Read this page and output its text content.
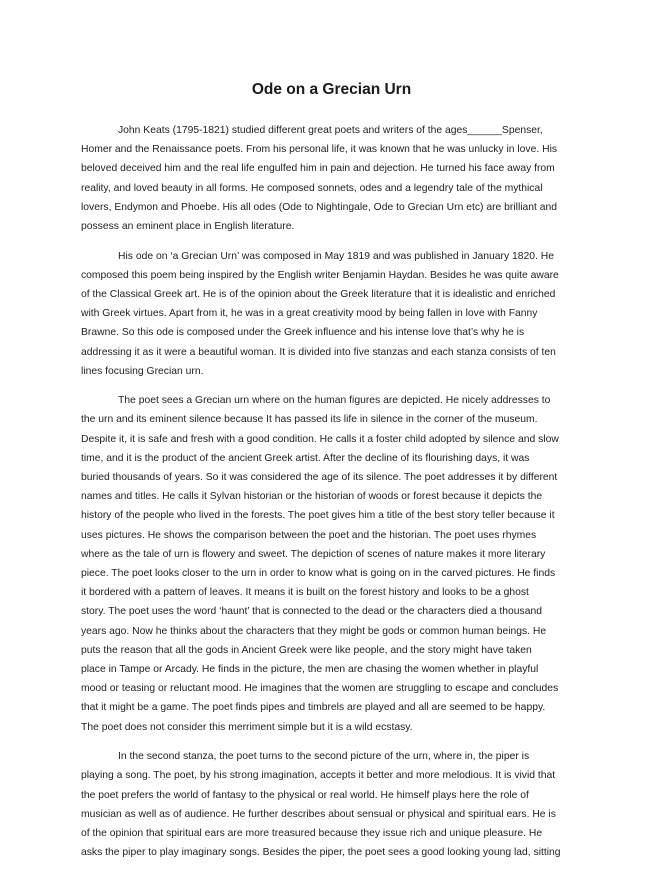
Ode on a Grecian Urn

John Keats (1795-1821) studied different great poets and writers of the ages______Spenser,
Homer and the Renaissance poets. From his personal life, it was known that he was unlucky in love. His
beloved deceived him and the real life engulfed him in pain and dejection. He turned his face away from
reality, and loved beauty in all forms. He composed sonnets, odes and a legendry tale of the mythical
lovers, Endymon and Phoebe. His all odes (Ode to Nightingale, Ode to Grecian Urn etc) are brilliant and
possess an eminent place in English literature.

His ode on ‘a Grecian Urn’ was composed in May 1819 and was published in January 1820. He
composed this poem being inspired by the English writer Benjamin Haydan. Besides he was quite aware
of the Classical Greek art. He is of the opinion about the Greek literature that it is idealistic and enriched
with Greek virtues. Apart from it, he was in a great creativity mood by being fallen in love with Fanny
Brawne. So this ode is composed under the Greek influence and his intense love that’s why he is
addressing it as it were a beautiful woman. It is divided into five stanzas and each stanza consists of ten
lines focusing Grecian urn.

The poet sees a Grecian urn where on the human figures are depicted. He nicely addresses to
the urn and its eminent silence because It has passed its life in silence in the corner of the museum.
Despite it, it is safe and fresh with a good condition. He calls it a foster child adopted by silence and slow
time, and it is the product of the ancient Greek artist. After the decline of its flourishing days, it was
buried thousands of years. So it was considered the age of its silence. The poet addresses it by different
names and titles. He calls it Sylvan historian or the historian of woods or forest because it depicts the
history of the people who lived in the forests. The poet gives him a title of the best story teller because it
uses pictures. He shows the comparison between the poet and the historian. The poet uses rhymes
where as the tale of urn is flowery and sweet. The depiction of scenes of nature makes it more literary
piece. The poet looks closer to the urn in order to know what is going on in the carved pictures. He finds
it bordered with a pattern of leaves. It means it is built on the forest history and looks to be a ghost
story. The poet uses the word ‘haunt’ that is connected to the dead or the characters died a thousand
years ago. Now he thinks about the characters that they might be gods or common human beings. He
puts the reason that all the gods in Ancient Greek were like people, and the story might have taken
place in Tampe or Arcady. He finds in the picture, the men are chasing the women whether in playful
mood or teasing or reluctant mood. He imagines that the women are struggling to escape and concludes
that it might be a game. The poet finds pipes and timbrels are played and all are seemed to be happy.
The poet does not consider this merriment simple but it is a wild ecstasy.

In the second stanza, the poet turns to the second picture of the urn, where in, the piper is
playing a song. The poet, by his strong imagination, accepts it better and more melodious. It is vivid that
the poet prefers the world of fantasy to the physical or real world. He himself plays here the role of
musician as well as of audience. He further describes about sensual or physical and spiritual ears. He is
of the opinion that spiritual ears are more treasured because they issue rich and unique pleasure. He
asks the piper to play imaginary songs. Besides the piper, the poet sees a good looking young lad, sitting
